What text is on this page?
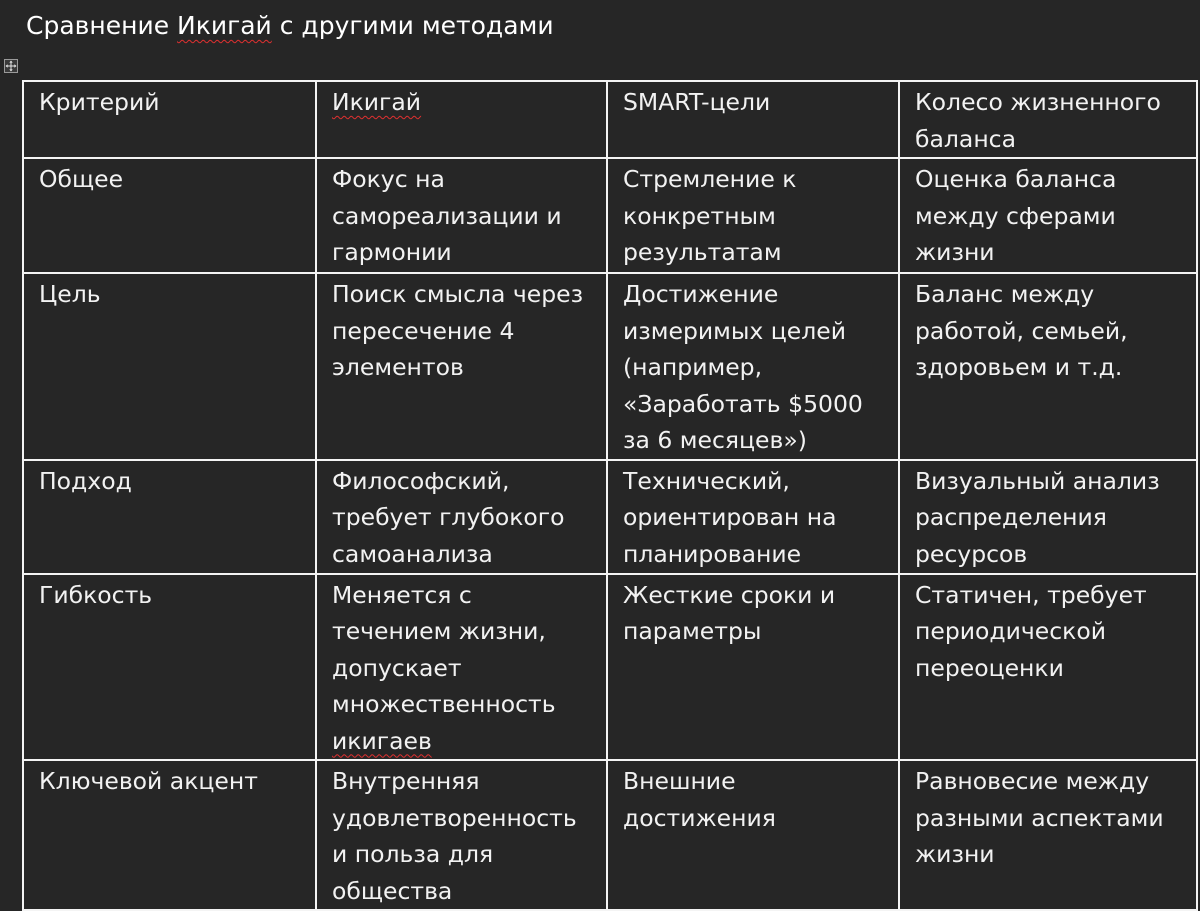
Сравнение Икигай с другими методами
Критерий	Икигай	SMART-цели	Колесо жизненного баланса
Общее	Фокус на самореализации и гармонии	Стремление к конкретным результатам	Оценка баланса между сферами жизни
Цель	Поиск смысла через пересечение 4 элементов	Достижение измеримых целей (например, «Заработать $5000 за 6 месяцев»)	Баланс между работой, семьей, здоровьем и т.д.
Подход	Философский, требует глубокого самоанализа	Технический, ориентирован на планирование	Визуальный анализ распределения ресурсов
Гибкость	Меняется с течением жизни, допускает множественность икигаев	Жесткие сроки и параметры	Статичен, требует периодической переоценки
Ключевой акцент	Внутренняя удовлетворенность и польза для общества	Внешние достижения	Равновесие между разными аспектами жизни
